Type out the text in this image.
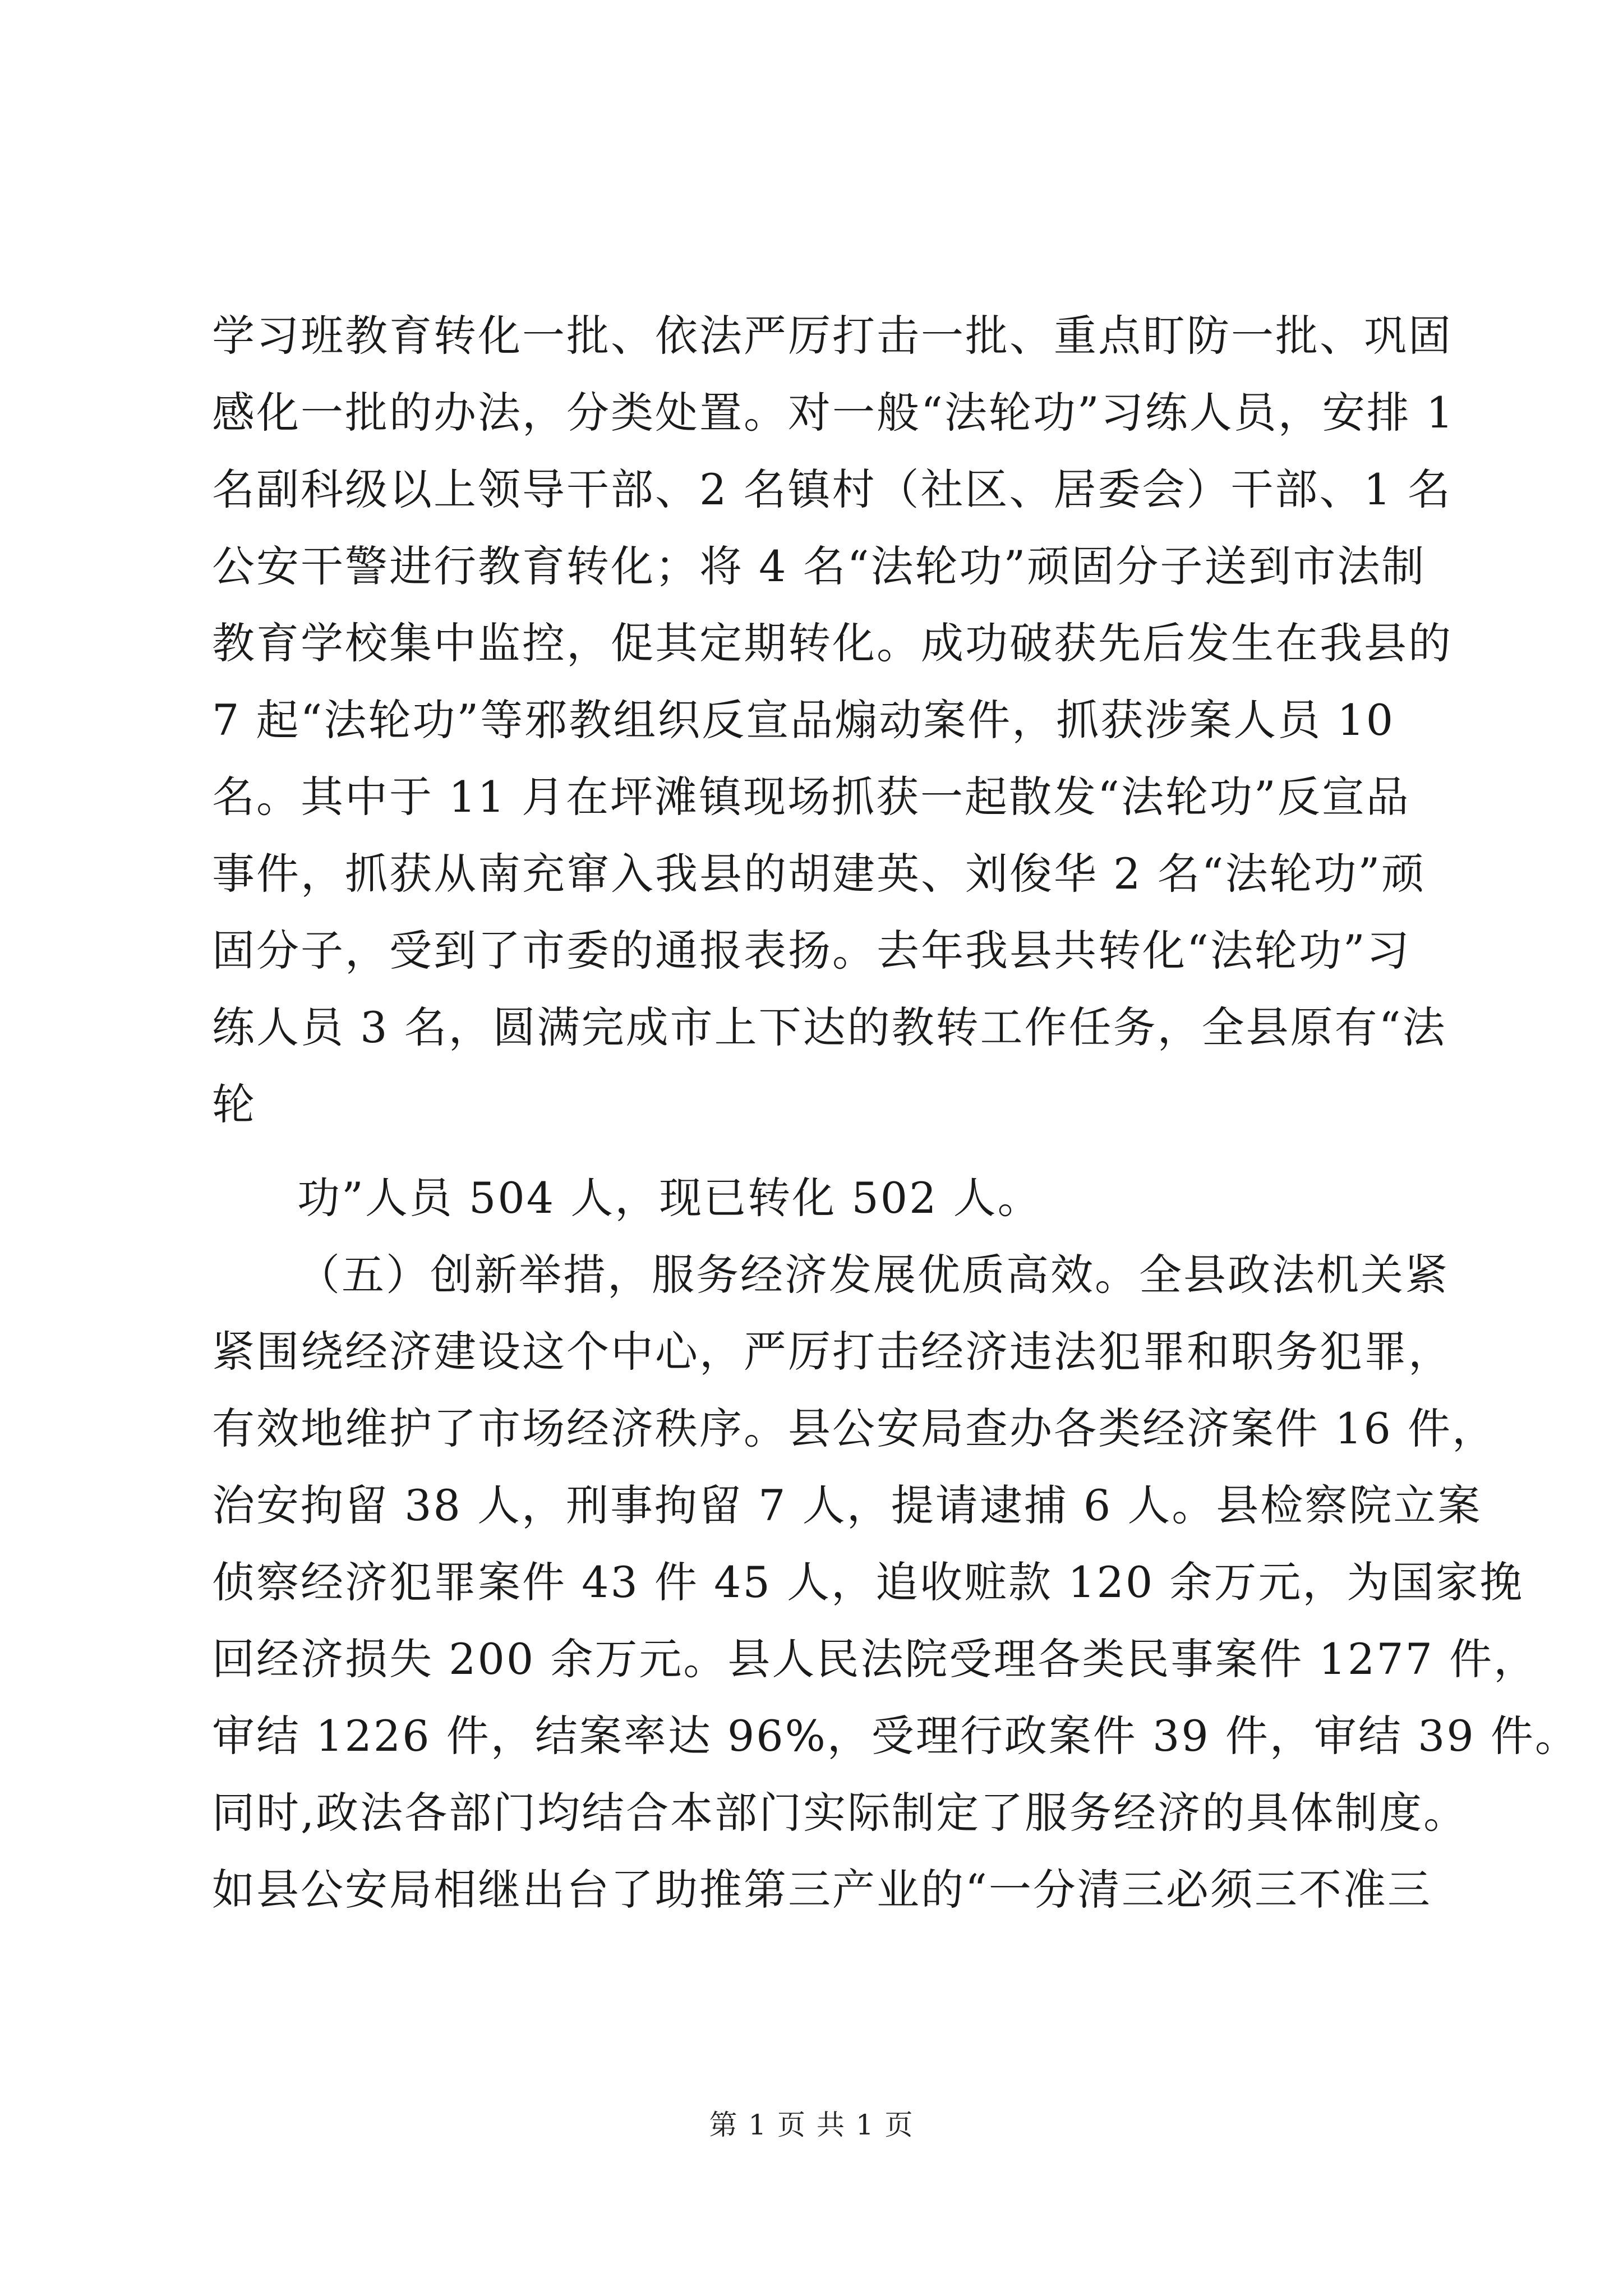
学习班教育转化一批、依法严厉打击一批、重点盯防一批、巩固
感化一批的办法，分类处置。对一般“法轮功”习练人员，安排 1
名副科级以上领导干部、2 名镇村（社区、居委会）干部、1 名
公安干警进行教育转化；将 4 名“法轮功”顽固分子送到市法制
教育学校集中监控，促其定期转化。成功破获先后发生在我县的
7 起“法轮功”等邪教组织反宣品煽动案件，抓获涉案人员 10
名。其中于 11 月在坪滩镇现场抓获一起散发“法轮功”反宣品
事件，抓获从南充窜入我县的胡建英、刘俊华 2 名“法轮功”顽
固分子，受到了市委的通报表扬。去年我县共转化“法轮功”习
练人员 3 名，圆满完成市上下达的教转工作任务，全县原有“法
轮
功”人员 504 人，现已转化 502 人。
（五）创新举措，服务经济发展优质高效。全县政法机关紧
紧围绕经济建设这个中心，严厉打击经济违法犯罪和职务犯罪，
有效地维护了市场经济秩序。县公安局查办各类经济案件 16 件，
治安拘留 38 人，刑事拘留 7 人，提请逮捕 6 人。县检察院立案
侦察经济犯罪案件 43 件 45 人，追收赃款 120 余万元，为国家挽
回经济损失 200 余万元。县人民法院受理各类民事案件 1277 件，
审结 1226 件，结案率达 96%，受理行政案件 39 件，审结 39 件。
同时,政法各部门均结合本部门实际制定了服务经济的具体制度。
如县公安局相继出台了助推第三产业的“一分清三必须三不准三
第 1 页 共 1 页
